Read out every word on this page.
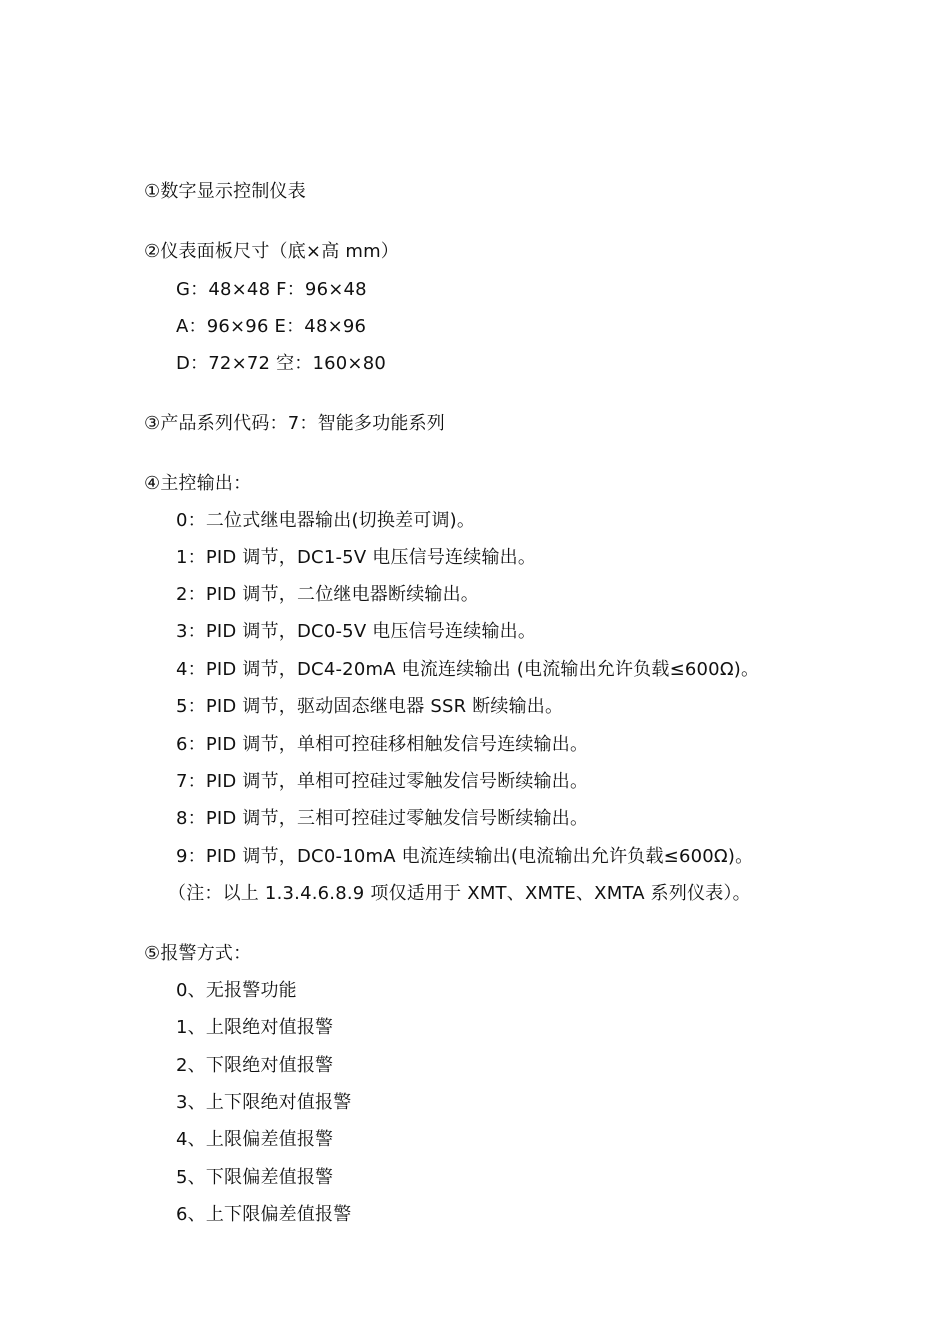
①数字显示控制仪表
②仪表面板尺寸（底×高 mm）
G：48×48 F：96×48
A：96×96 E：48×96
D：72×72 空：160×80
③产品系列代码：7：智能多功能系列
④主控输出：
0：二位式继电器输出(切换差可调)。
1：PID 调节，DC1-5V 电压信号连续输出。
2：PID 调节，二位继电器断续输出。
3：PID 调节，DC0-5V 电压信号连续输出。
4：PID 调节，DC4-20mA 电流连续输出 (电流输出允许负载≤600Ω)。
5：PID 调节，驱动固态继电器 SSR 断续输出。
6：PID 调节，单相可控硅移相触发信号连续输出。
7：PID 调节，单相可控硅过零触发信号断续输出。
8：PID 调节，三相可控硅过零触发信号断续输出。
9：PID 调节，DC0-10mA 电流连续输出(电流输出允许负载≤600Ω)。
（注：以上 1.3.4.6.8.9 项仅适用于 XMT、XMTE、XMTA 系列仪表）。
⑤报警方式：
0、无报警功能
1、上限绝对值报警
2、下限绝对值报警
3、上下限绝对值报警
4、上限偏差值报警
5、下限偏差值报警
6、上下限偏差值报警
